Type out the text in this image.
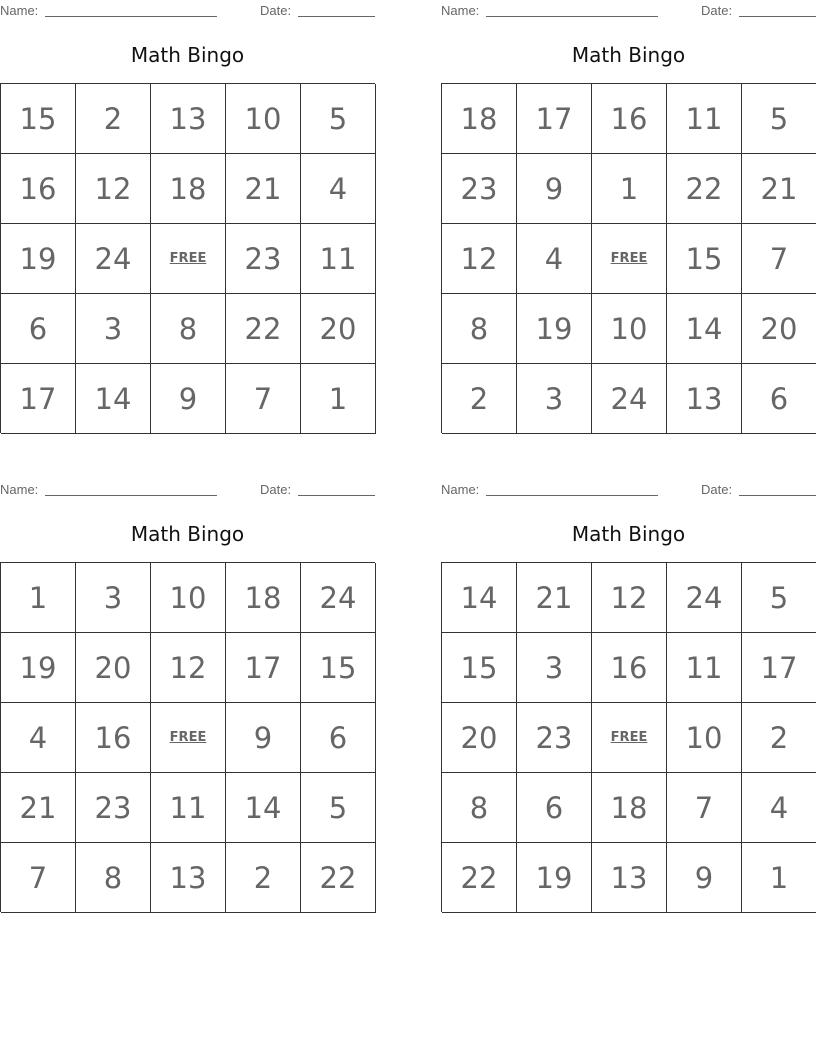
Name:	Date:
Math Bingo
15	2	13	10	5
16	12	18	21	4
19	24	FREE	23	11
6	3	8	22	20
17	14	9	7	1
Name:	Date:
Math Bingo
18	17	16	11	5
23	9	1	22	21
12	4	FREE	15	7
8	19	10	14	20
2	3	24	13	6
Name:	Date:
Math Bingo
1	3	10	18	24
19	20	12	17	15
4	16	FREE	9	6
21	23	11	14	5
7	8	13	2	22
Name:	Date:
Math Bingo
14	21	12	24	5
15	3	16	11	17
20	23	FREE	10	2
8	6	18	7	4
22	19	13	9	1
